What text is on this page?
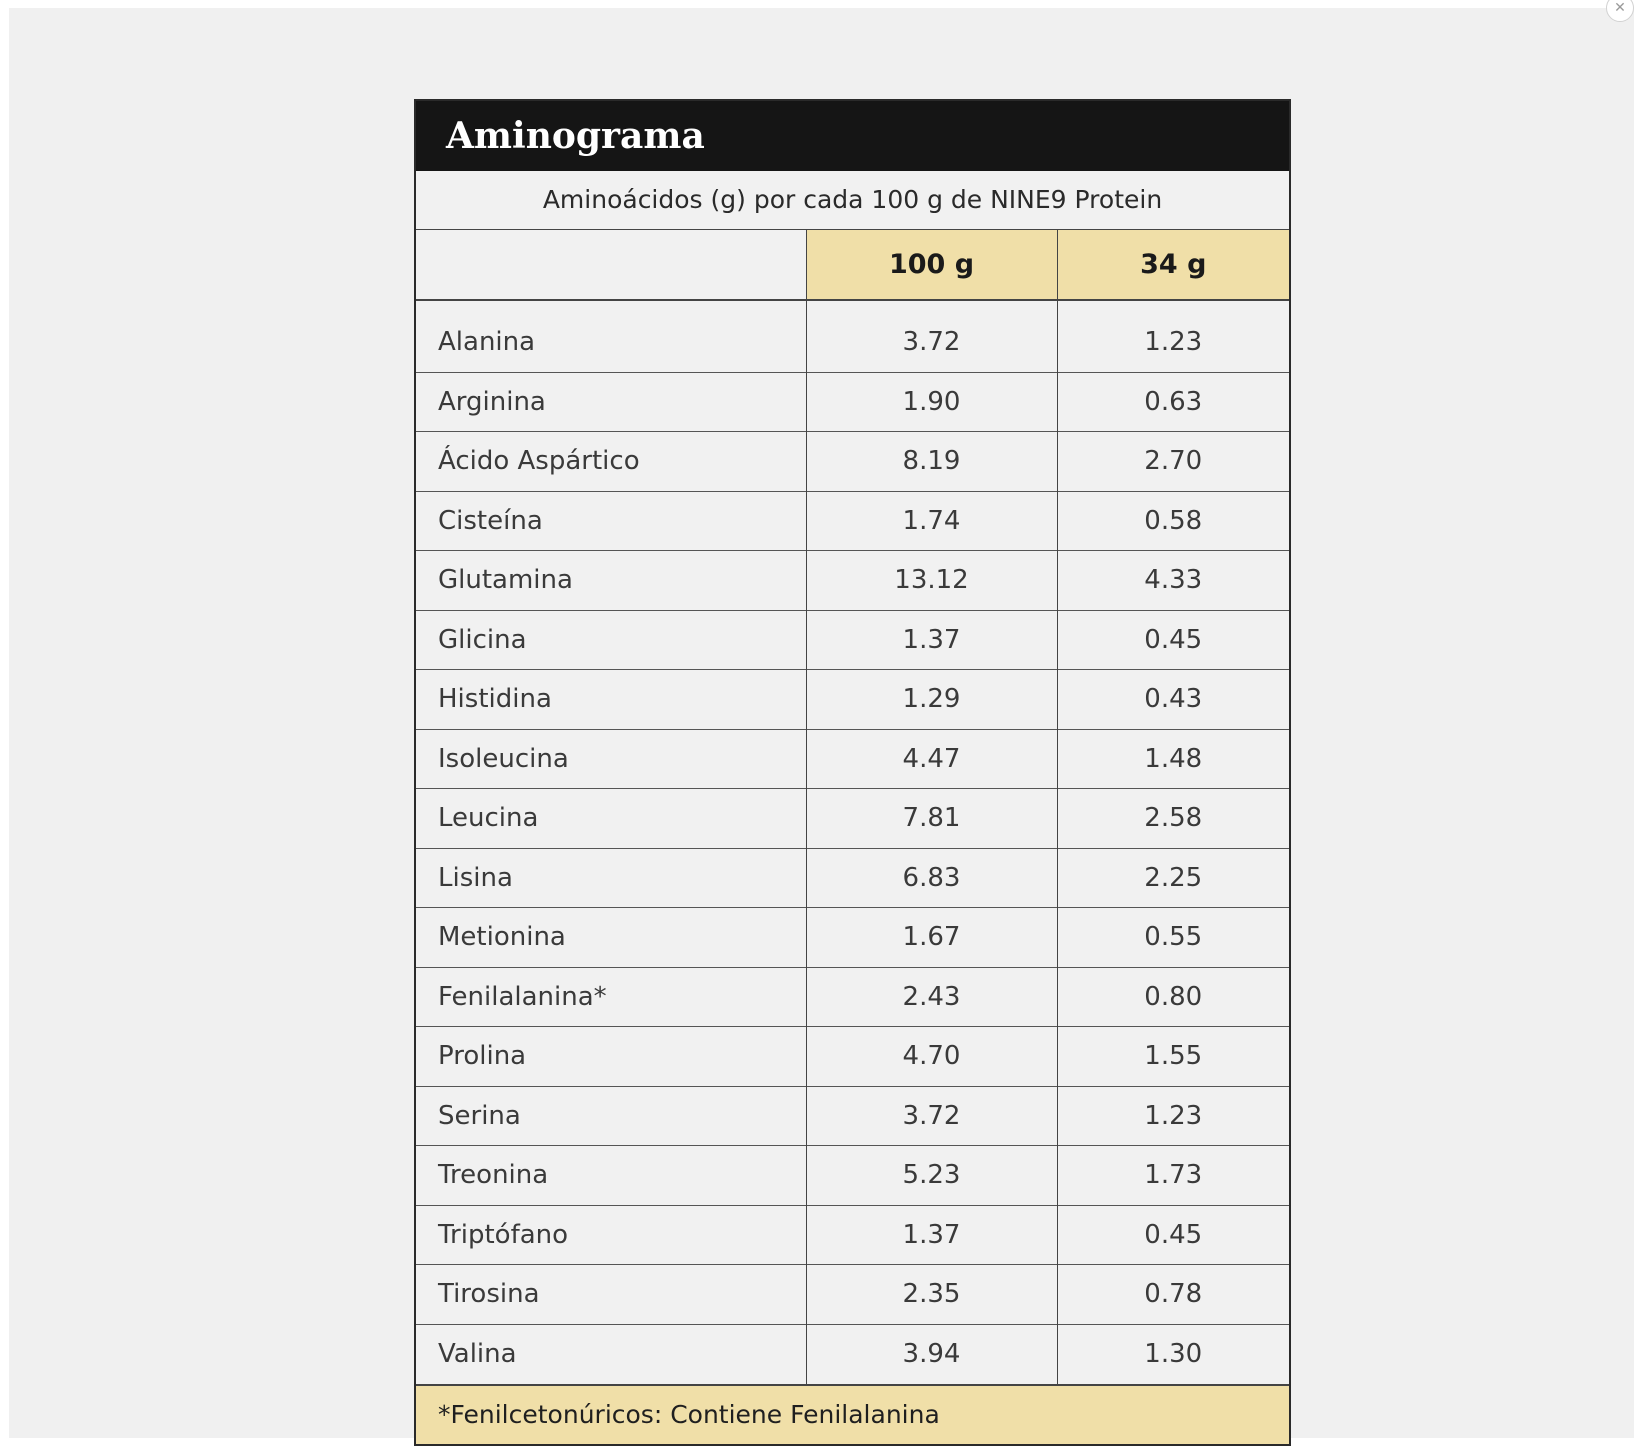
✕
Aminograma
Aminoácidos (g) por cada 100 g de NINE9 Protein
	100 g	34 g
Alanina	3.72	1.23
Arginina	1.90	0.63
Ácido Aspártico	8.19	2.70
Cisteína	1.74	0.58
Glutamina	13.12	4.33
Glicina	1.37	0.45
Histidina	1.29	0.43
Isoleucina	4.47	1.48
Leucina	7.81	2.58
Lisina	6.83	2.25
Metionina	1.67	0.55
Fenilalanina*	2.43	0.80
Prolina	4.70	1.55
Serina	3.72	1.23
Treonina	5.23	1.73
Triptófano	1.37	0.45
Tirosina	2.35	0.78
Valina	3.94	1.30
*Fenilcetonúricos: Contiene Fenilalanina
